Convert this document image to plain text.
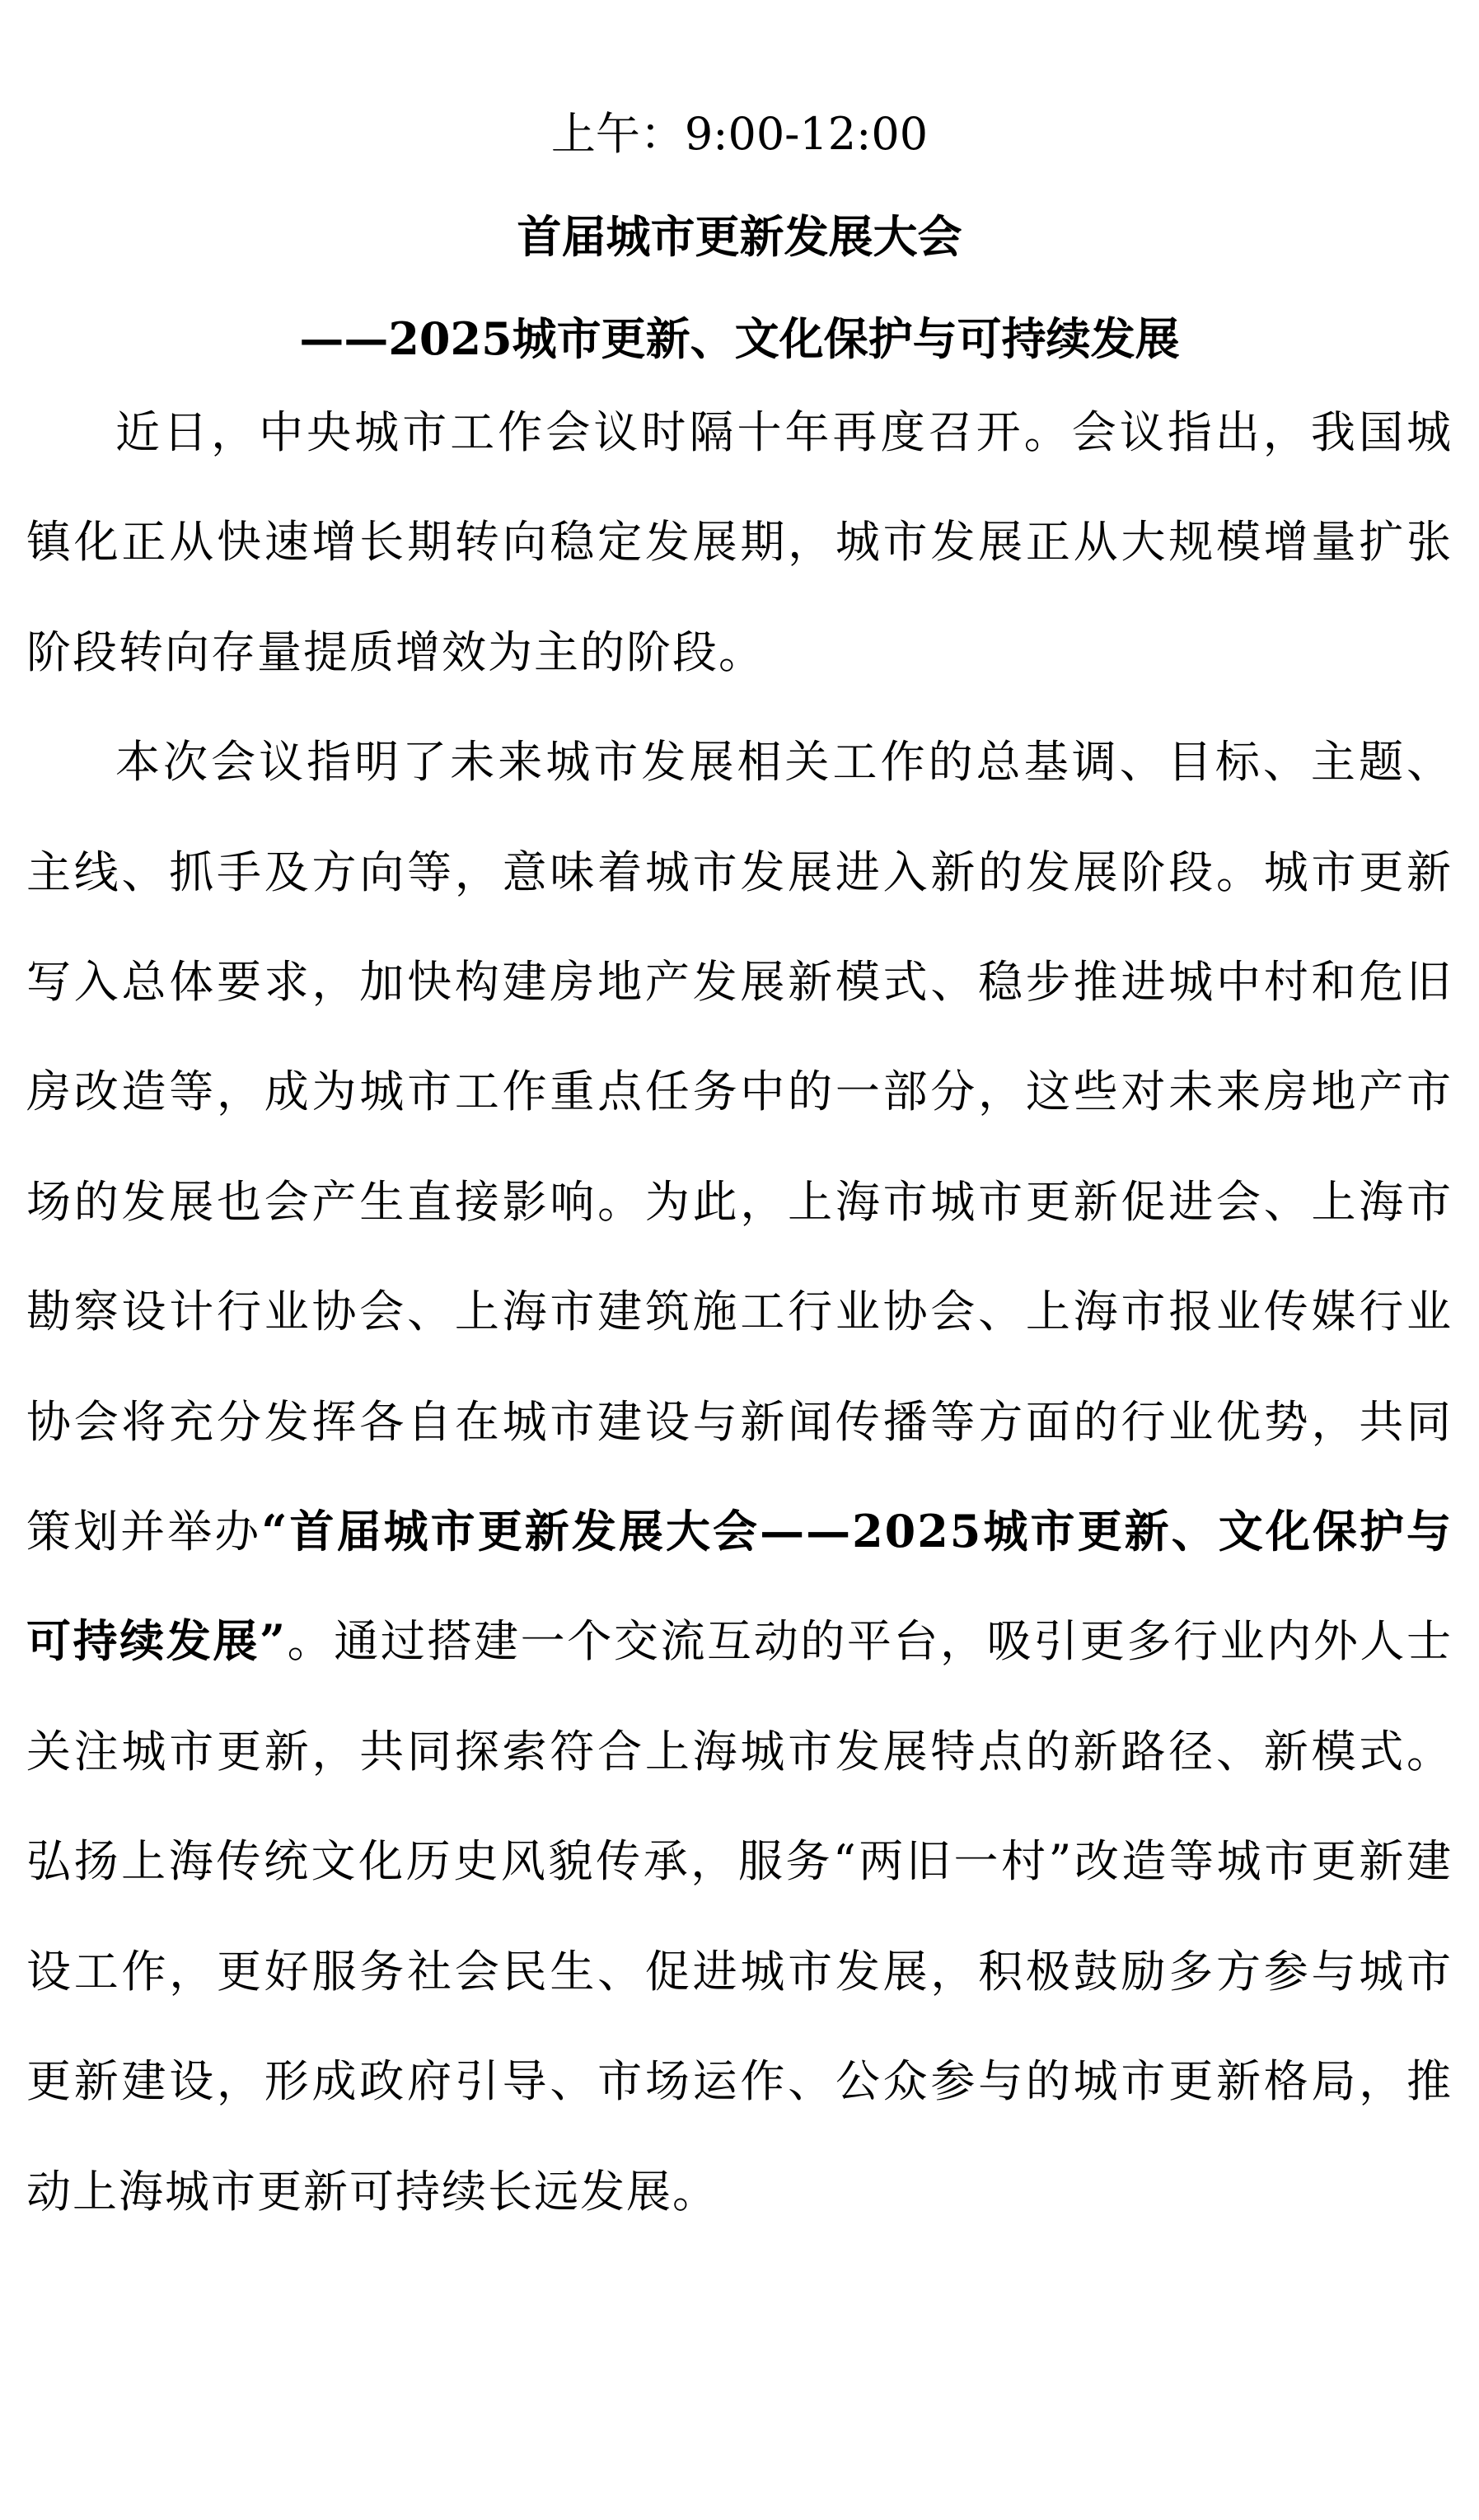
上午：9:00-12:00
首届城市更新发展大会
——2025城市更新、文化保护与可持续发展

近日，中央城市工作会议时隔十年再度召开。会议指出，我国城镇化正从快速增长期转向稳定发展期，城市发展正从大规模增量扩张阶段转向存量提质增效为主的阶段。

本次会议指明了未来城市发展相关工作的总基调、目标、主题、主线、抓手及方向等，意味着城市发展进入新的发展阶段。城市更新写入总体要求，加快构建房地产发展新模式、稳步推进城中村和危旧房改造等，成为城市工作重点任务中的一部分，这些对未来房地产市场的发展也会产生直接影响。为此，上海市城市更新促进会、上海市勘察设计行业协会、上海市建筑施工行业协会、上海市报业传媒行业协会将充分发挥各自在城市建设与新闻传播等方面的行业优势，共同策划并举办“首届城市更新发展大会——2025城市更新、文化保护与可持续发展”。通过搭建一个交流互动的平台，吸引更多行业内外人士关注城市更新，共同探索符合上海城市发展特点的新路径、新模式。弘扬上海传统文化历史风貌传承，服务“两旧一村”改造等城市更新建设工作，更好服务社会民生、促进城市发展，积极鼓励多方参与城市更新建设，形成政府引导、市场运作、公众参与的城市更新格局，推动上海城市更新可持续长远发展。
